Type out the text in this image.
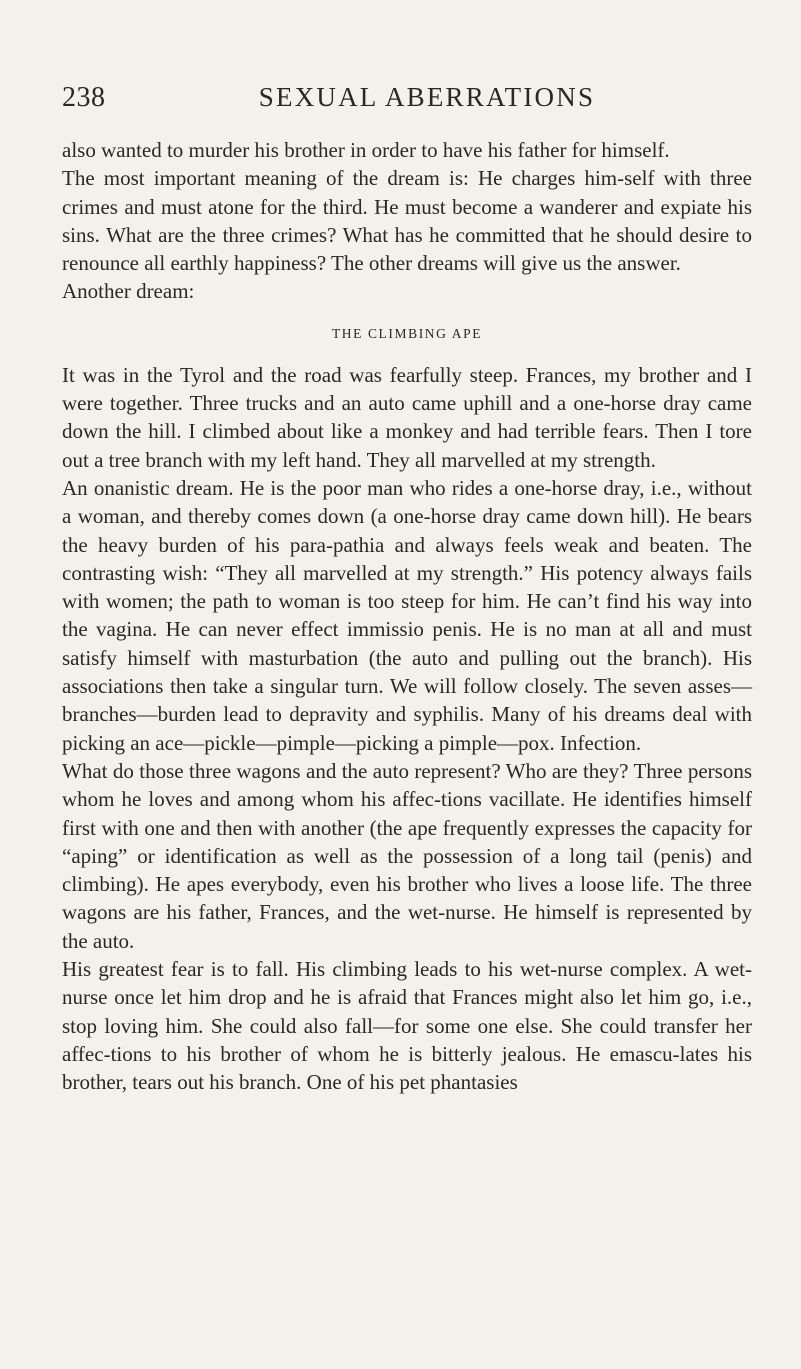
238	SEXUAL ABERRATIONS

also wanted to murder his brother in order to have his father for himself.

The most important meaning of the dream is: He charges him-self with three crimes and must atone for the third. He must become a wanderer and expiate his sins. What are the three crimes? What has he committed that he should desire to renounce all earthly happiness? The other dreams will give us the answer.

Another dream:

THE CLIMBING APE

It was in the Tyrol and the road was fearfully steep. Frances, my brother and I were together. Three trucks and an auto came uphill and a one-horse dray came down the hill. I climbed about like a monkey and had terrible fears. Then I tore out a tree branch with my left hand. They all marvelled at my strength.

An onanistic dream. He is the poor man who rides a one-horse dray, i.e., without a woman, and thereby comes down (a one-horse dray came down hill). He bears the heavy burden of his para-pathia and always feels weak and beaten. The contrasting wish: “They all marvelled at my strength.” His potency always fails with women; the path to woman is too steep for him. He can’t find his way into the vagina. He can never effect immissio penis. He is no man at all and must satisfy himself with masturbation (the auto and pulling out the branch). His associations then take a singular turn. We will follow closely. The seven asses— branches—burden lead to depravity and syphilis. Many of his dreams deal with picking an ace—pickle—pimple—picking a pimple—pox. Infection.

What do those three wagons and the auto represent? Who are they? Three persons whom he loves and among whom his affec-tions vacillate. He identifies himself first with one and then with another (the ape frequently expresses the capacity for “aping” or identification as well as the possession of a long tail (penis) and climbing). He apes everybody, even his brother who lives a loose life. The three wagons are his father, Frances, and the wet-nurse. He himself is represented by the auto.

His greatest fear is to fall. His climbing leads to his wet-nurse complex. A wet-nurse once let him drop and he is afraid that Frances might also let him go, i.e., stop loving him. She could also fall—for some one else. She could transfer her affec-tions to his brother of whom he is bitterly jealous. He emascu-lates his brother, tears out his branch. One of his pet phantasies
